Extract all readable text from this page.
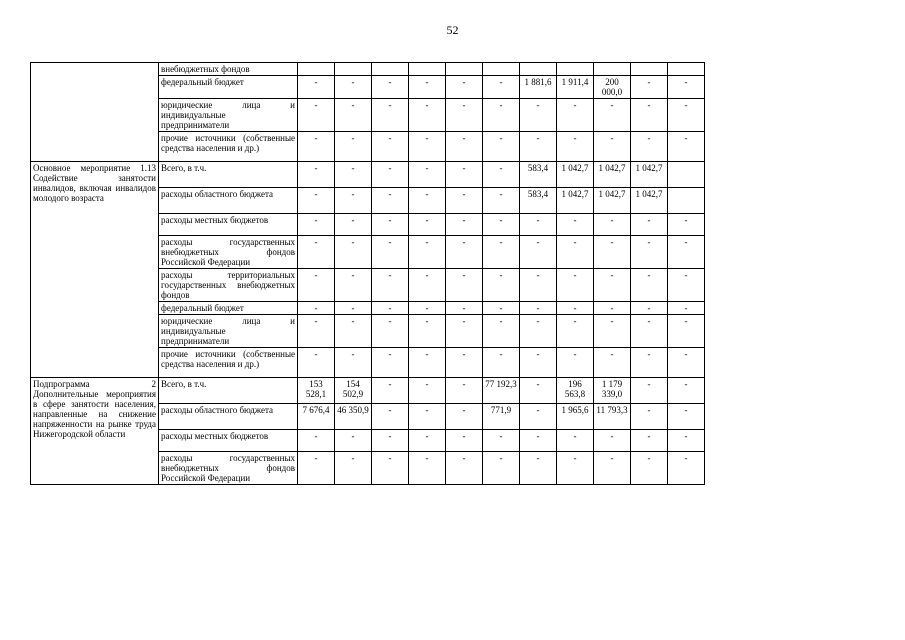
52
	внебюджетных фондов											
	федеральный бюджет	-	-	-	-	-	-	1 881,6	1 911,4	200 000,0	-	-
	юридические лица и индивидуальные предприниматели	-	-	-	-	-	-	-	-	-	-	-
	прочие источники (собственные средства населения и др.)	-	-	-	-	-	-	-	-	-	-	-
Основное мероприятие 1.13 Содействие занятости инвалидов, включая инвалидов молодого возраста	Всего, в т.ч.	-	-	-	-	-	-	583,4	1 042,7	1 042,7	1 042,7	
	расходы областного бюджета	-	-	-	-	-	-	583,4	1 042,7	1 042,7	1 042,7	
	расходы местных бюджетов	-	-	-	-	-	-	-	-	-	-	-
	расходы государственных внебюджетных фондов Российской Федерации	-	-	-	-	-	-	-	-	-	-	-
	расходы территориальных государственных внебюджетных фондов	-	-	-	-	-	-	-	-	-	-	-
	федеральный бюджет	-	-	-	-	-	-	-	-	-	-	-
	юридические лица и индивидуальные предприниматели	-	-	-	-	-	-	-	-	-	-	-
	прочие источники (собственные средства населения и др.)	-	-	-	-	-	-	-	-	-	-	-
Подпрограмма 2 Дополнительные мероприятия в сфере занятости населения, направленные на снижение напряженности на рынке труда Нижегородской области	Всего, в т.ч.	153 528,1	154 502,9	-	-	-	77 192,3	-	196 563,8	1 179 339,0	-	-
	расходы областного бюджета	7 676,4	46 350,9	-	-	-	771,9	-	1 965,6	11 793,3	-	-
	расходы местных бюджетов	-	-	-	-	-	-	-	-	-	-	-
	расходы государственных внебюджетных фондов Российской Федерации	-	-	-	-	-	-	-	-	-	-	-
